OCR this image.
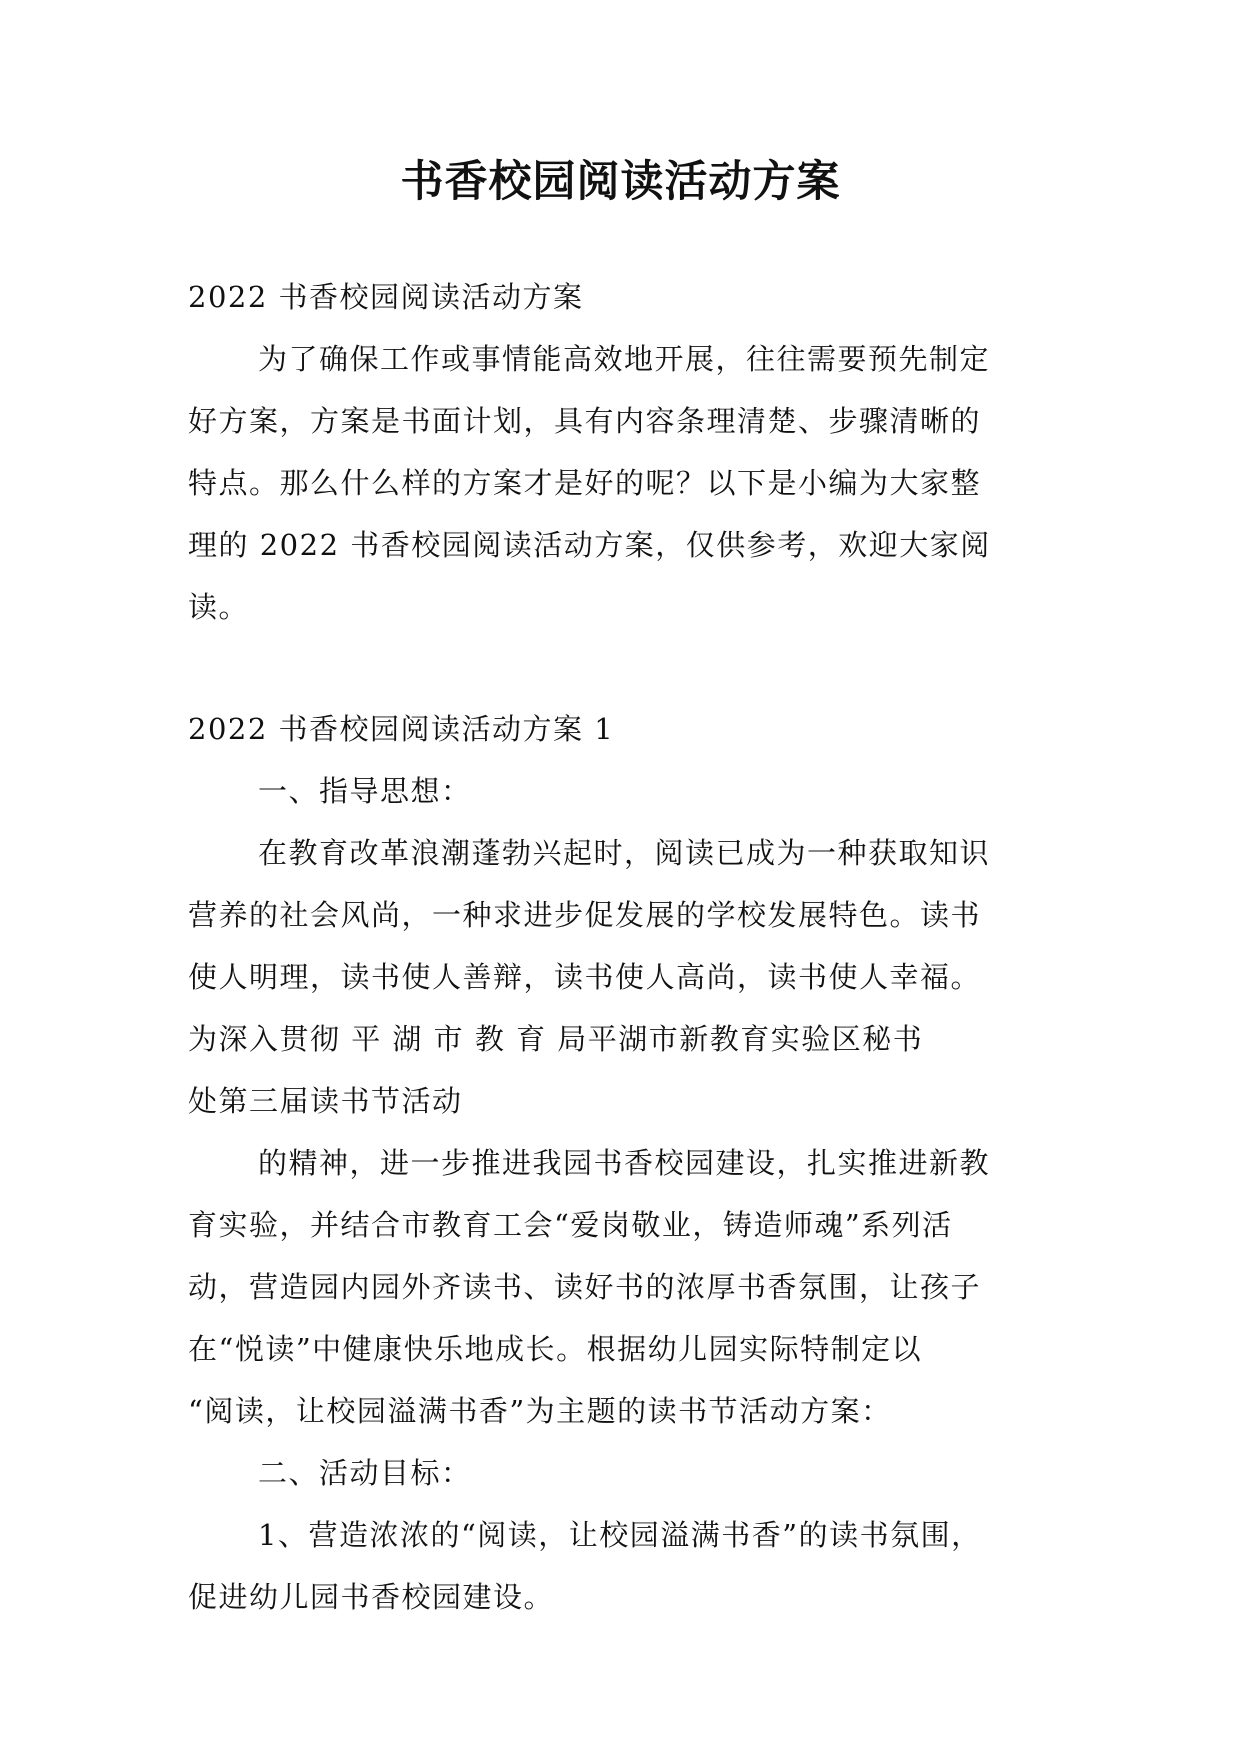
书香校园阅读活动方案
2022 书香校园阅读活动方案
为了确保工作或事情能高效地开展，往往需要预先制定
好方案，方案是书面计划，具有内容条理清楚、步骤清晰的
特点。那么什么样的方案才是好的呢？以下是小编为大家整
理的 2022 书香校园阅读活动方案，仅供参考，欢迎大家阅
读。
2022 书香校园阅读活动方案 1
一、指导思想：
在教育改革浪潮蓬勃兴起时，阅读已成为一种获取知识
营养的社会风尚，一种求进步促发展的学校发展特色。读书
使人明理，读书使人善辩，读书使人高尚，读书使人幸福。
为深入贯彻 平 湖 市 教 育 局平湖市新教育实验区秘书
处第三届读书节活动
的精神，进一步推进我园书香校园建设，扎实推进新教
育实验，并结合市教育工会“爱岗敬业，铸造师魂”系列活
动，营造园内园外齐读书、读好书的浓厚书香氛围，让孩子
在“悦读”中健康快乐地成长。根据幼儿园实际特制定以
“阅读，让校园溢满书香”为主题的读书节活动方案：
二、活动目标：
1、营造浓浓的“阅读，让校园溢满书香”的读书氛围，
促进幼儿园书香校园建设。
